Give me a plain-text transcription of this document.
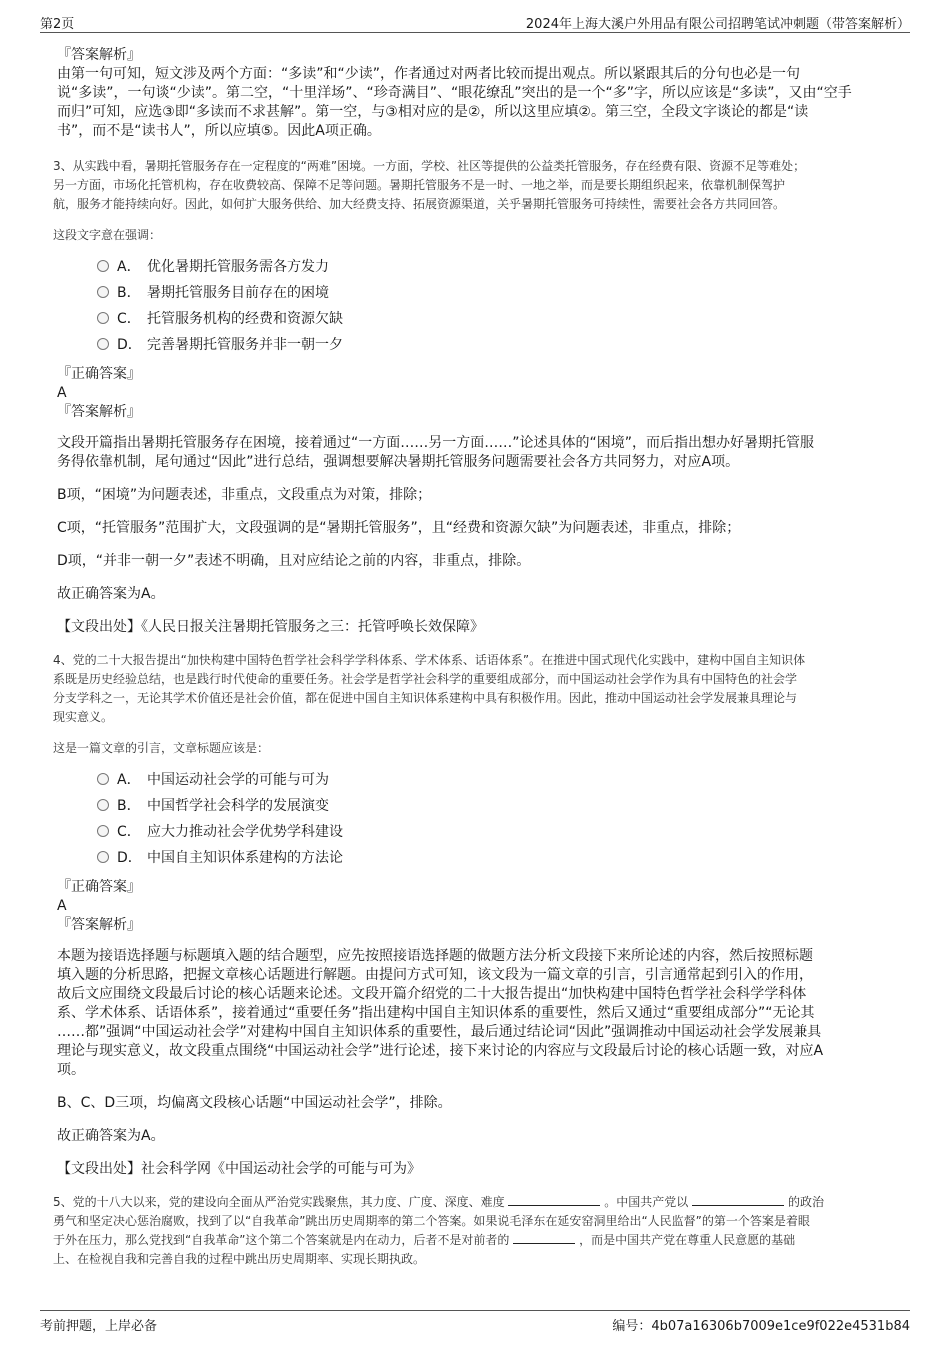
第2页	2024年上海大溪户外用品有限公司招聘笔试冲刺题（带答案解析）

『答案解析』

由第一句可知，短文涉及两个方面：“多读”和“少读”，作者通过对两者比较而提出观点。所以紧跟其后的分句也必是一句

说“多读”，一句谈“少读”。第二空，“十里洋场”、“珍奇满目”、“眼花缭乱”突出的是一个“多”字，所以应该是“多读”，又由“空手

而归”可知，应选③即“多读而不求甚解”。第一空，与③相对应的是②，所以这里应填②。第三空，全段文字谈论的都是“读

书”，而不是“读书人”，所以应填⑤。因此A项正确。

3、从实践中看，暑期托管服务存在一定程度的“两难”困境。一方面，学校、社区等提供的公益类托管服务，存在经费有限、资源不足等难处；

另一方面，市场化托管机构，存在收费较高、保障不足等问题。暑期托管服务不是一时、一地之举，而是要长期组织起来，依靠机制保驾护

航，服务才能持续向好。因此，如何扩大服务供给、加大经费支持、拓展资源渠道，关乎暑期托管服务可持续性，需要社会各方共同回答。

这段文字意在强调：

A． 优化暑期托管服务需各方发力
B． 暑期托管服务目前存在的困境
C． 托管服务机构的经费和资源欠缺
D． 完善暑期托管服务并非一朝一夕

『正确答案』

A

『答案解析』

文段开篇指出暑期托管服务存在困境，接着通过“一方面……另一方面……”论述具体的“困境”，而后指出想办好暑期托管服

务得依靠机制，尾句通过“因此”进行总结，强调想要解决暑期托管服务问题需要社会各方共同努力，对应A项。

B项，“困境”为问题表述，非重点，文段重点为对策，排除；

C项，“托管服务”范围扩大，文段强调的是“暑期托管服务”，且“经费和资源欠缺”为问题表述，非重点，排除；

D项，“并非一朝一夕”表述不明确，且对应结论之前的内容，非重点，排除。

故正确答案为A。

【文段出处】《人民日报关注暑期托管服务之三：托管呼唤长效保障》

4、党的二十大报告提出“加快构建中国特色哲学社会科学学科体系、学术体系、话语体系”。在推进中国式现代化实践中，建构中国自主知识体

系既是历史经验总结，也是践行时代使命的重要任务。社会学是哲学社会科学的重要组成部分，而中国运动社会学作为具有中国特色的社会学

分支学科之一，无论其学术价值还是社会价值，都在促进中国自主知识体系建构中具有积极作用。因此，推动中国运动社会学发展兼具理论与

现实意义。

这是一篇文章的引言，文章标题应该是：

A． 中国运动社会学的可能与可为
B． 中国哲学社会科学的发展演变
C． 应大力推动社会学优势学科建设
D． 中国自主知识体系建构的方法论

『正确答案』

A

『答案解析』

本题为接语选择题与标题填入题的结合题型，应先按照接语选择题的做题方法分析文段接下来所论述的内容，然后按照标题

填入题的分析思路，把握文章核心话题进行解题。由提问方式可知，该文段为一篇文章的引言，引言通常起到引入的作用，

故后文应围绕文段最后讨论的核心话题来论述。文段开篇介绍党的二十大报告提出“加快构建中国特色哲学社会科学学科体

系、学术体系、话语体系”，接着通过“重要任务”指出建构中国自主知识体系的重要性，然后又通过“重要组成部分”“无论其

……都”强调“中国运动社会学”对建构中国自主知识体系的重要性，最后通过结论词“因此”强调推动中国运动社会学发展兼具

理论与现实意义，故文段重点围绕“中国运动社会学”进行论述，接下来讨论的内容应与文段最后讨论的核心话题一致，对应A

项。

B、C、D三项，均偏离文段核心话题“中国运动社会学”，排除。

故正确答案为A。

【文段出处】社会科学网《中国运动社会学的可能与可为》

5、党的十八大以来，党的建设向全面从严治党实践聚焦，其力度、广度、深度、难度	。中国共产党以	的政治

勇气和坚定决心惩治腐败，找到了以“自我革命”跳出历史周期率的第二个答案。如果说毛泽东在延安窑洞里给出“人民监督”的第一个答案是着眼

于外在压力，那么党找到“自我革命”这个第二个答案就是内在动力，后者不是对前者的	，而是中国共产党在尊重人民意愿的基础

上、在检视自我和完善自我的过程中跳出历史周期率、实现长期执政。

考前押题，上岸必备	编号：4b07a16306b7009e1ce9f022e4531b84
